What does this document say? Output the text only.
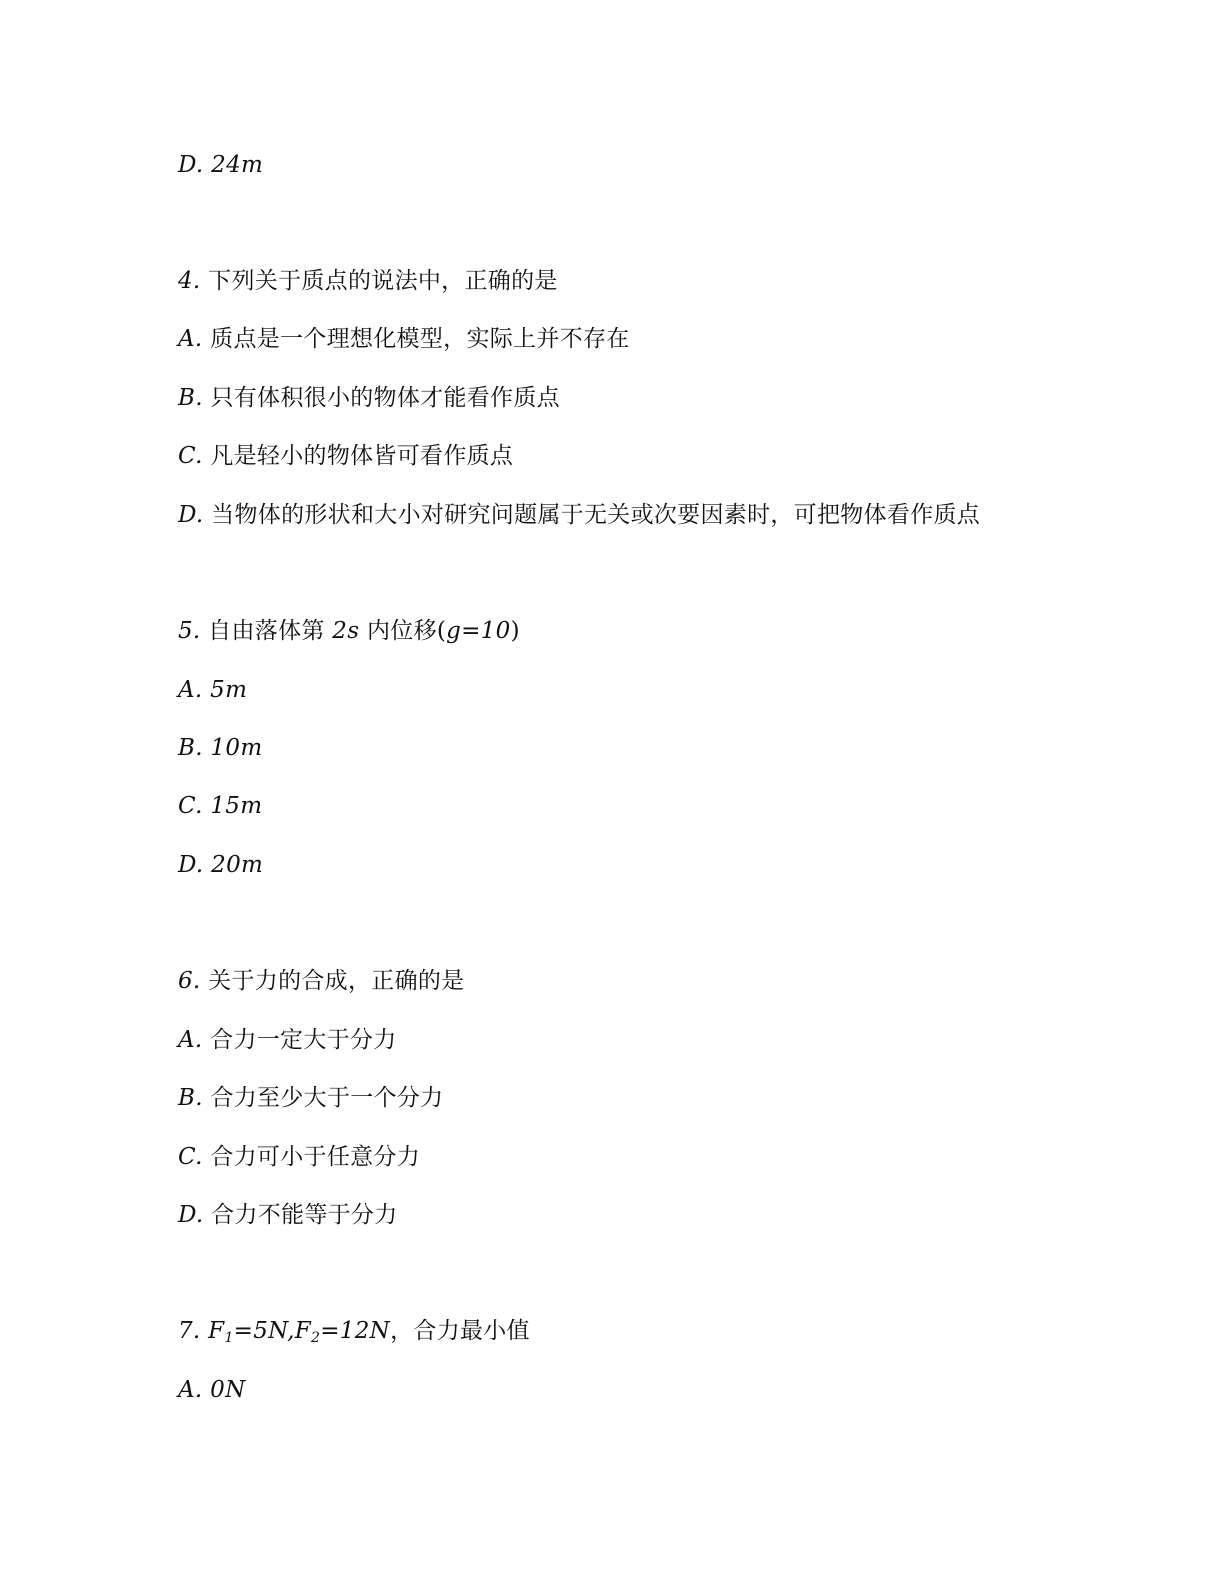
D. 24m
4. 下列关于质点的说法中，正确的是
A. 质点是一个理想化模型，实际上并不存在
B. 只有体积很小的物体才能看作质点
C. 凡是轻小的物体皆可看作质点
D. 当物体的形状和大小对研究问题属于无关或次要因素时，可把物体看作质点
5. 自由落体第 2s 内位移(g=10)
A. 5m
B. 10m
C. 15m
D. 20m
6. 关于力的合成，正确的是
A. 合力一定大于分力
B. 合力至少大于一个分力
C. 合力可小于任意分力
D. 合力不能等于分力
7. $F_1=5N,F_2=12N$，合力最小值
A. 0N
